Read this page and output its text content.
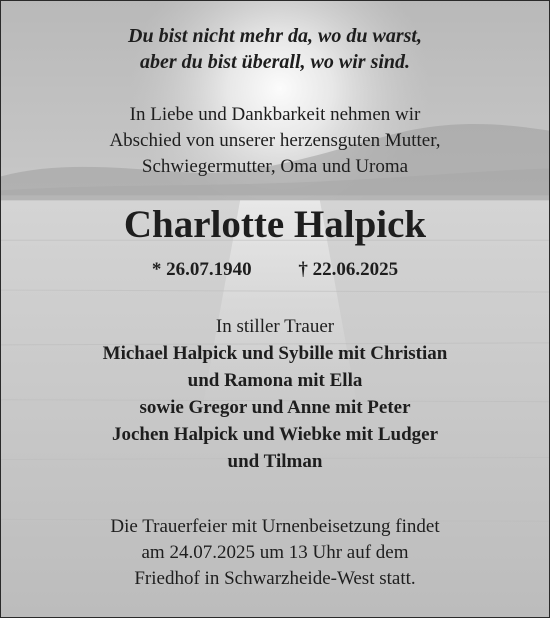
Du bist nicht mehr da, wo du warst,
aber du bist überall, wo wir sind.

In Liebe und Dankbarkeit nehmen wir
Abschied von unserer herzensguten Mutter,
Schwiegermutter, Oma und Uroma

Charlotte Halpick
* 26.07.1940 † 22.06.2025

In stiller Trauer

Michael Halpick und Sybille mit Christian
und Ramona mit Ella
sowie Gregor und Anne mit Peter
Jochen Halpick und Wiebke mit Ludger
und Tilman

Die Trauerfeier mit Urnenbeisetzung findet
am 24.07.2025 um 13 Uhr auf dem
Friedhof in Schwarzheide-West statt.
